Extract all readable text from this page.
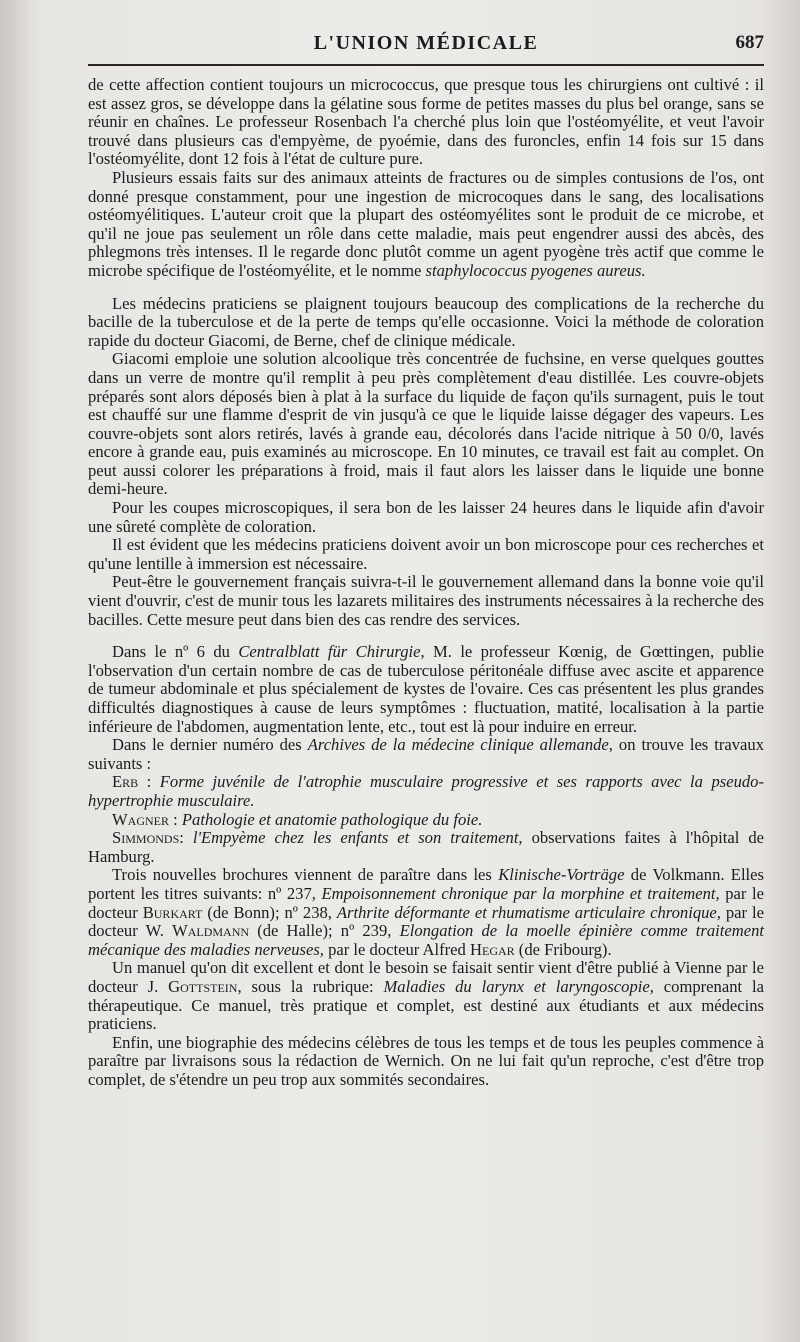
L'UNION MÉDICALE	687

de cette affection contient toujours un micrococcus, que presque tous les chirurgiens ont cultivé : il est assez gros, se développe dans la gélatine sous forme de petites masses du plus bel orange, sans se réunir en chaînes. Le professeur Rosenbach l'a cherché plus loin que l'ostéomyélite, et veut l'avoir trouvé dans plusieurs cas d'empyème, de pyoémie, dans des furoncles, enfin 14 fois sur 15 dans l'ostéomyélite, dont 12 fois à l'état de culture pure.

Plusieurs essais faits sur des animaux atteints de fractures ou de simples contusions de l'os, ont donné presque constamment, pour une ingestion de microcoques dans le sang, des localisations ostéomyélitiques. L'auteur croit que la plupart des ostéomyélites sont le produit de ce microbe, et qu'il ne joue pas seulement un rôle dans cette maladie, mais peut engendrer aussi des abcès, des phlegmons très intenses. Il le regarde donc plutôt comme un agent pyogène très actif que comme le microbe spécifique de l'ostéomyélite, et le nomme staphylococcus pyogenes aureus.

Les médecins praticiens se plaignent toujours beaucoup des complications de la recherche du bacille de la tuberculose et de la perte de temps qu'elle occasionne. Voici la méthode de coloration rapide du docteur Giacomi, de Berne, chef de clinique médicale.

Giacomi emploie une solution alcoolique très concentrée de fuchsine, en verse quelques gouttes dans un verre de montre qu'il remplit à peu près complètement d'eau distillée. Les couvre-objets préparés sont alors déposés bien à plat à la surface du liquide de façon qu'ils surnagent, puis le tout est chauffé sur une flamme d'esprit de vin jusqu'à ce que le liquide laisse dégager des vapeurs. Les couvre-objets sont alors retirés, lavés à grande eau, décolorés dans l'acide nitrique à 50 0/0, lavés encore à grande eau, puis examinés au microscope. En 10 minutes, ce travail est fait au complet. On peut aussi colorer les préparations à froid, mais il faut alors les laisser dans le liquide une bonne demi-heure.

Pour les coupes microscopiques, il sera bon de les laisser 24 heures dans le liquide afin d'avoir une sûreté complète de coloration.

Il est évident que les médecins praticiens doivent avoir un bon microscope pour ces recherches et qu'une lentille à immersion est nécessaire.

Peut-être le gouvernement français suivra-t-il le gouvernement allemand dans la bonne voie qu'il vient d'ouvrir, c'est de munir tous les lazarets militaires des instruments nécessaires à la recherche des bacilles. Cette mesure peut dans bien des cas rendre des services.

Dans le nº 6 du Centralblatt für Chirurgie, M. le professeur Kœnig, de Gœttingen, publie l'observation d'un certain nombre de cas de tuberculose péritonéale diffuse avec ascite et apparence de tumeur abdominale et plus spécialement de kystes de l'ovaire. Ces cas présentent les plus grandes difficultés diagnostiques à cause de leurs symptômes : fluctuation, matité, localisation à la partie inférieure de l'abdomen, augmentation lente, etc., tout est là pour induire en erreur.

Dans le dernier numéro des Archives de la médecine clinique allemande, on trouve les travaux suivants :

Erb : Forme juvénile de l'atrophie musculaire progressive et ses rapports avec la pseudo-hypertrophie musculaire.

Wagner : Pathologie et anatomie pathologique du foie.

Simmonds: l'Empyème chez les enfants et son traitement, observations faites à l'hôpital de Hamburg.

Trois nouvelles brochures viennent de paraître dans les Klinische-Vorträge de Volkmann. Elles portent les titres suivants: nº 237, Empoisonnement chronique par la morphine et traitement, par le docteur Burkart (de Bonn); nº 238, Arthrite déformante et rhumatisme articulaire chronique, par le docteur W. Waldmann (de Halle); nº 239, Elongation de la moelle épinière comme traitement mécanique des maladies nerveuses, par le docteur Alfred Hegar (de Fribourg).

Un manuel qu'on dit excellent et dont le besoin se faisait sentir vient d'être publié à Vienne par le docteur J. Gottstein, sous la rubrique: Maladies du larynx et laryngoscopie, comprenant la thérapeutique. Ce manuel, très pratique et complet, est destiné aux étudiants et aux médecins praticiens.

Enfin, une biographie des médecins célèbres de tous les temps et de tous les peuples commence à paraître par livraisons sous la rédaction de Wernich. On ne lui fait qu'un reproche, c'est d'être trop complet, de s'étendre un peu trop aux sommités secondaires.
